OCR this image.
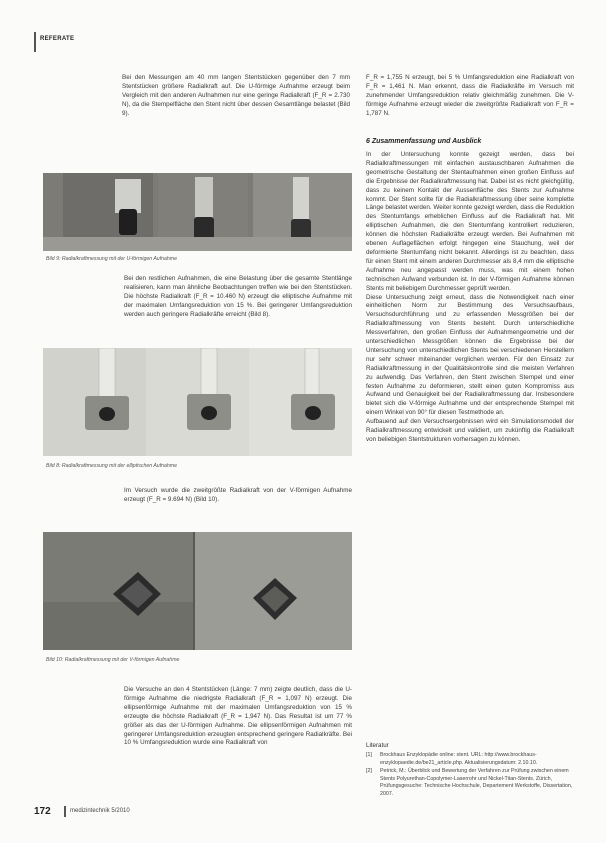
REFERATE

Bei den Messungen am 40 mm langen Stentstücken gegenüber den 7 mm Stentstücken größere Radialkraft auf. Die U-förmige Aufnahme erzeugt beim Vergleich mit den anderen Aufnahmen nur eine geringe Radialkraft (F_R = 2.730 N), da die Stempelfläche den Stent nicht über dessen Gesamtlänge belastet (Bild 9).

Bild 9: Radialkraftmessung mit der U-förmigen Aufnahme

Bei den restlichen Aufnahmen, die eine Belastung über die gesamte Stentlänge realisieren, kann man ähnliche Beobachtungen treffen wie bei den Stentstücken. Die höchste Radialkraft (F_R = 10.460 N) erzeugt die elliptische Aufnahme mit der maximalen Umfangsreduktion von 15 %. Bei geringerer Umfangsreduktion werden auch geringere Radialkräfte erreicht (Bild 8).

Bild 8: Radialkraftmessung mit der elliptischen Aufnahme

Im Versuch wurde die zweitgrößte Radialkraft von der V-förmigen Aufnahme erzeugt (F_R = 9.694 N) (Bild 10).

Bild 10: Radialkraftmessung mit der V-förmigen Aufnahme

Die Versuche an den 4 Stentstücken (Länge: 7 mm) zeigte deutlich, dass die U-förmige Aufnahme die niedrigste Radialkraft (F_R = 1,097 N) erzeugt. Die ellipsenförmige Aufnahme mit der maximalen Umfangsreduktion von 15 % erzeugte die höchste Radialkraft (F_R = 1,947 N). Das Resultat ist um 77 % größer als das der U-förmigen Aufnahme. Die ellipsenförmigen Aufnahmen mit geringerer Umfangsreduktion erzeugten entsprechend geringere Radialkräfte. Bei 10 % Umfangsreduktion wurde eine Radialkraft von

F_R = 1,755 N erzeugt, bei 5 % Umfangsreduktion eine Radialkraft von F_R = 1,461 N. Man erkennt, dass die Radialkräfte im Versuch mit zunehmender Umfangsreduktion relativ gleichmäßig zunehmen. Die V-förmige Aufnahme erzeugt wieder die zweitgrößte Radialkraft von F_R = 1,787 N.

6 Zusammenfassung und Ausblick

In der Untersuchung konnte gezeigt werden, dass bei Radialkraftmessungen mit einfachen austauschbaren Aufnahmen die geometrische Gestaltung der Stentaufnahmen einen großen Einfluss auf die Ergebnisse der Radialkraftmessung hat. Dabei ist es nicht gleichgültig, dass zu keinem Kontakt der Aussenfläche des Stents zur Aufnahme kommt. Der Stent sollte für die Radialkraftmessung über seine komplette Länge belastet werden. Weiter konnte gezeigt werden, dass die Reduktion des Stentumfangs erheblichen Einfluss auf die Radialkraft hat. Mit elliptischen Aufnahmen, die den Stentumfang kontrolliert reduzieren, können die höchsten Radialkräfte erzeugt werden. Bei Aufnahmen mit ebenen Auflageflächen erfolgt hingegen eine Stauchung, weil der deformierte Stentumfang nicht bekannt. Allerdings ist zu beachten, dass für einen Stent mit einem anderen Durchmesser als 8,4 mm die elliptische Aufnahme neu angepasst werden muss, was mit einem hohen technischen Aufwand verbunden ist. In der V-förmigen Aufnahme können Stents mit beliebigem Durchmesser geprüft werden.

Diese Untersuchung zeigt erneut, dass die Notwendigkeit nach einer einheitlichen Norm zur Bestimmung des Versuchsaufbaus, Versuchsdurchführung und zu erfassenden Messgrößen bei der Radialkraftmessung von Stents besteht. Durch unterschiedliche Messverfahren, den großen Einfluss der Aufnahmengeometrie und der unterschiedlichen Messgrößen können die Ergebnisse bei der Untersuchung von unterschiedlichen Stents bei verschiedenen Herstellern nur sehr schwer miteinander verglichen werden. Für den Einsatz zur Radialkraftmessung in der Qualitätskontrolle sind die meisten Verfahren zu aufwendig. Das Verfahren, den Stent zwischen Stempel und einer festen Aufnahme zu deformieren, stellt einen guten Kompromiss aus Aufwand und Genauigkeit bei der Radialkraftmessung dar. Insbesondere bietet sich die V-förmige Aufnahme und der entsprechende Stempel mit einem Winkel von 90° für diesen Testmethode an.

Aufbauend auf den Versuchsergebnissen wird ein Simulationsmodell der Radialkraftmessung entwickelt und validiert, um zukünftig die Radialkraft von beliebigen Stentstrukturen vorhersagen zu können.

Literatur
[1]	Brockhaus Enzyklopädie online: stent. URL: http://www.brockhaus-enzyklopaedie.de/be21_article.php. Aktualisierungsdatum: 2.10.10.
[2]	Petrick, M.: Überblick und Bewertung der Verfahren zur Prüfung zwischen einem Stents Polyurethan-Copolymer-Laserrohr und Nickel-Titan-Stents. Zürich, Prüfungsgesuche: Technische Hochschule, Departement Werkstoffe, Dissertation, 2007.
172	medizintechnik 5/2010
